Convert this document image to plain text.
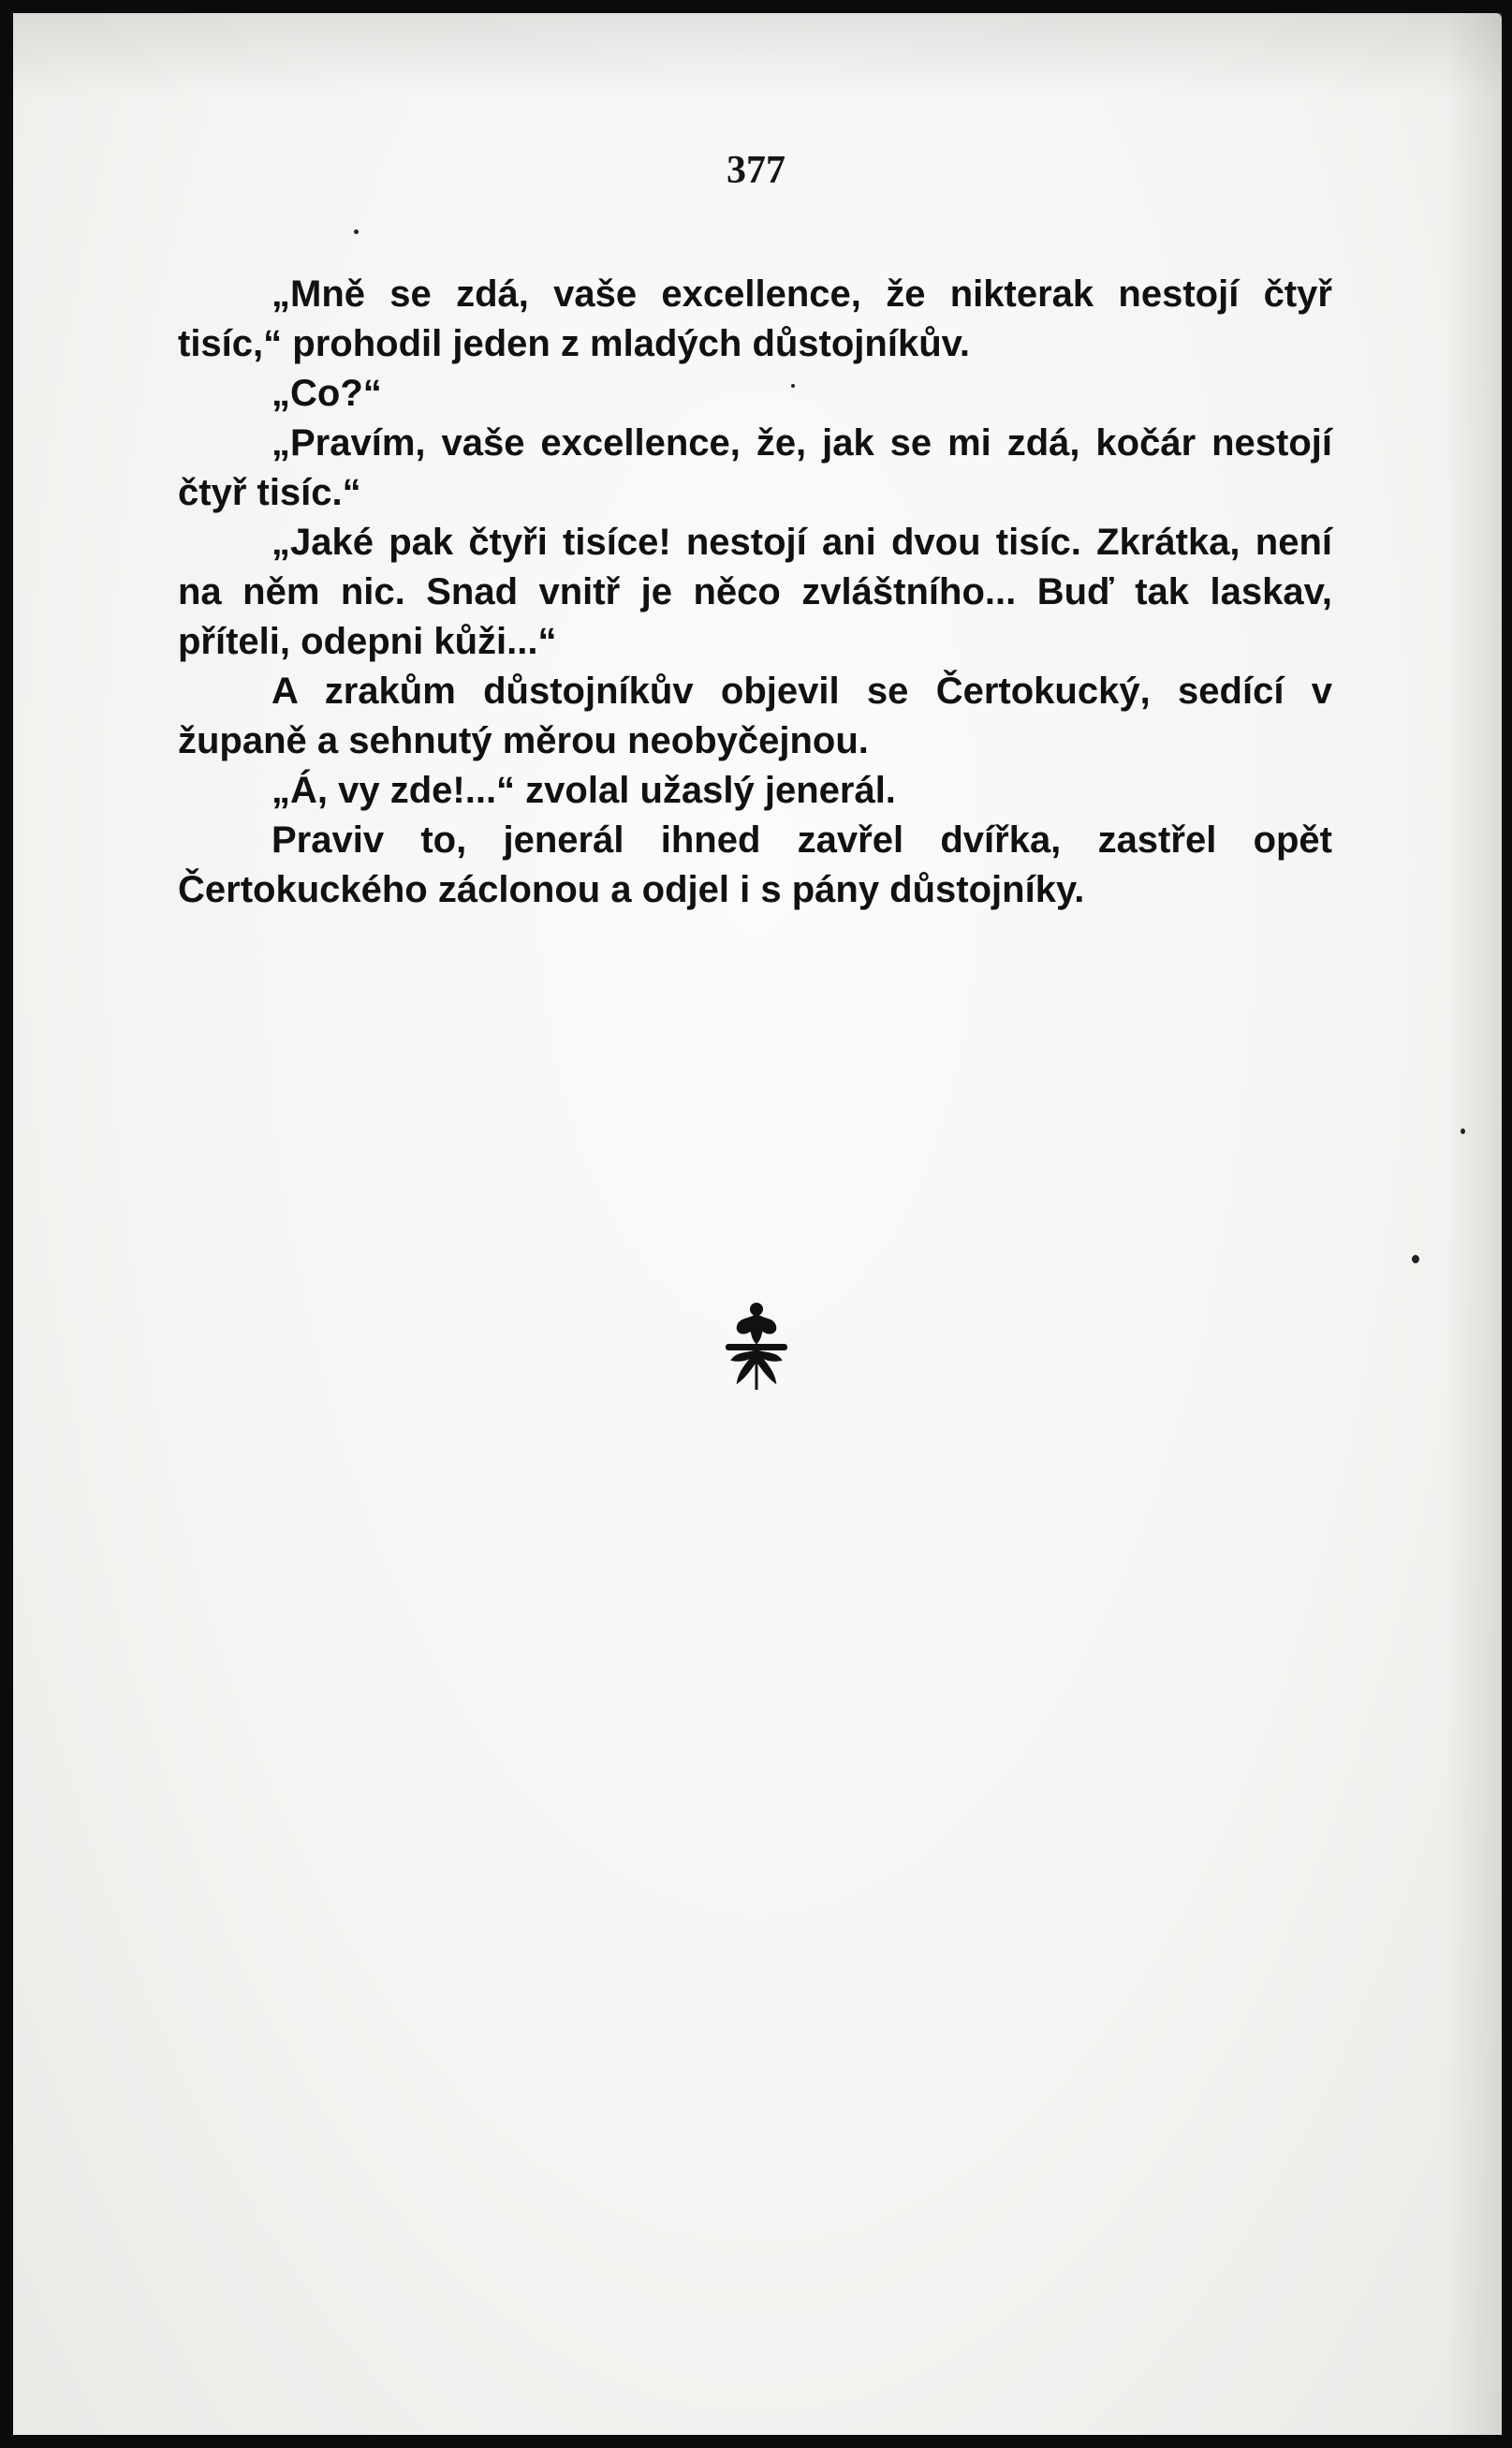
377

„Mně se zdá, vaše excellence, že nikterak nestojí čtyř tisíc,“ prohodil jeden z mladých důstojníkův.

„Co?“

„Pravím, vaše excellence, že, jak se mi zdá, kočár nestojí čtyř tisíc.“

„Jaké pak čtyři tisíce! nestojí ani dvou tisíc. Zkrátka, není na něm nic. Snad vnitř je něco zvláštního... Buď tak laskav, příteli, odepni kůži...“

A zrakům důstojníkův objevil se Čertokucký, sedící v županě a sehnutý měrou neobyčejnou.

„Á, vy zde!...“ zvolal užaslý jenerál.

Praviv to, jenerál ihned zavřel dvířka, zastřel opět Čertokuckého záclonou a odjel i s pány důstojníky.
